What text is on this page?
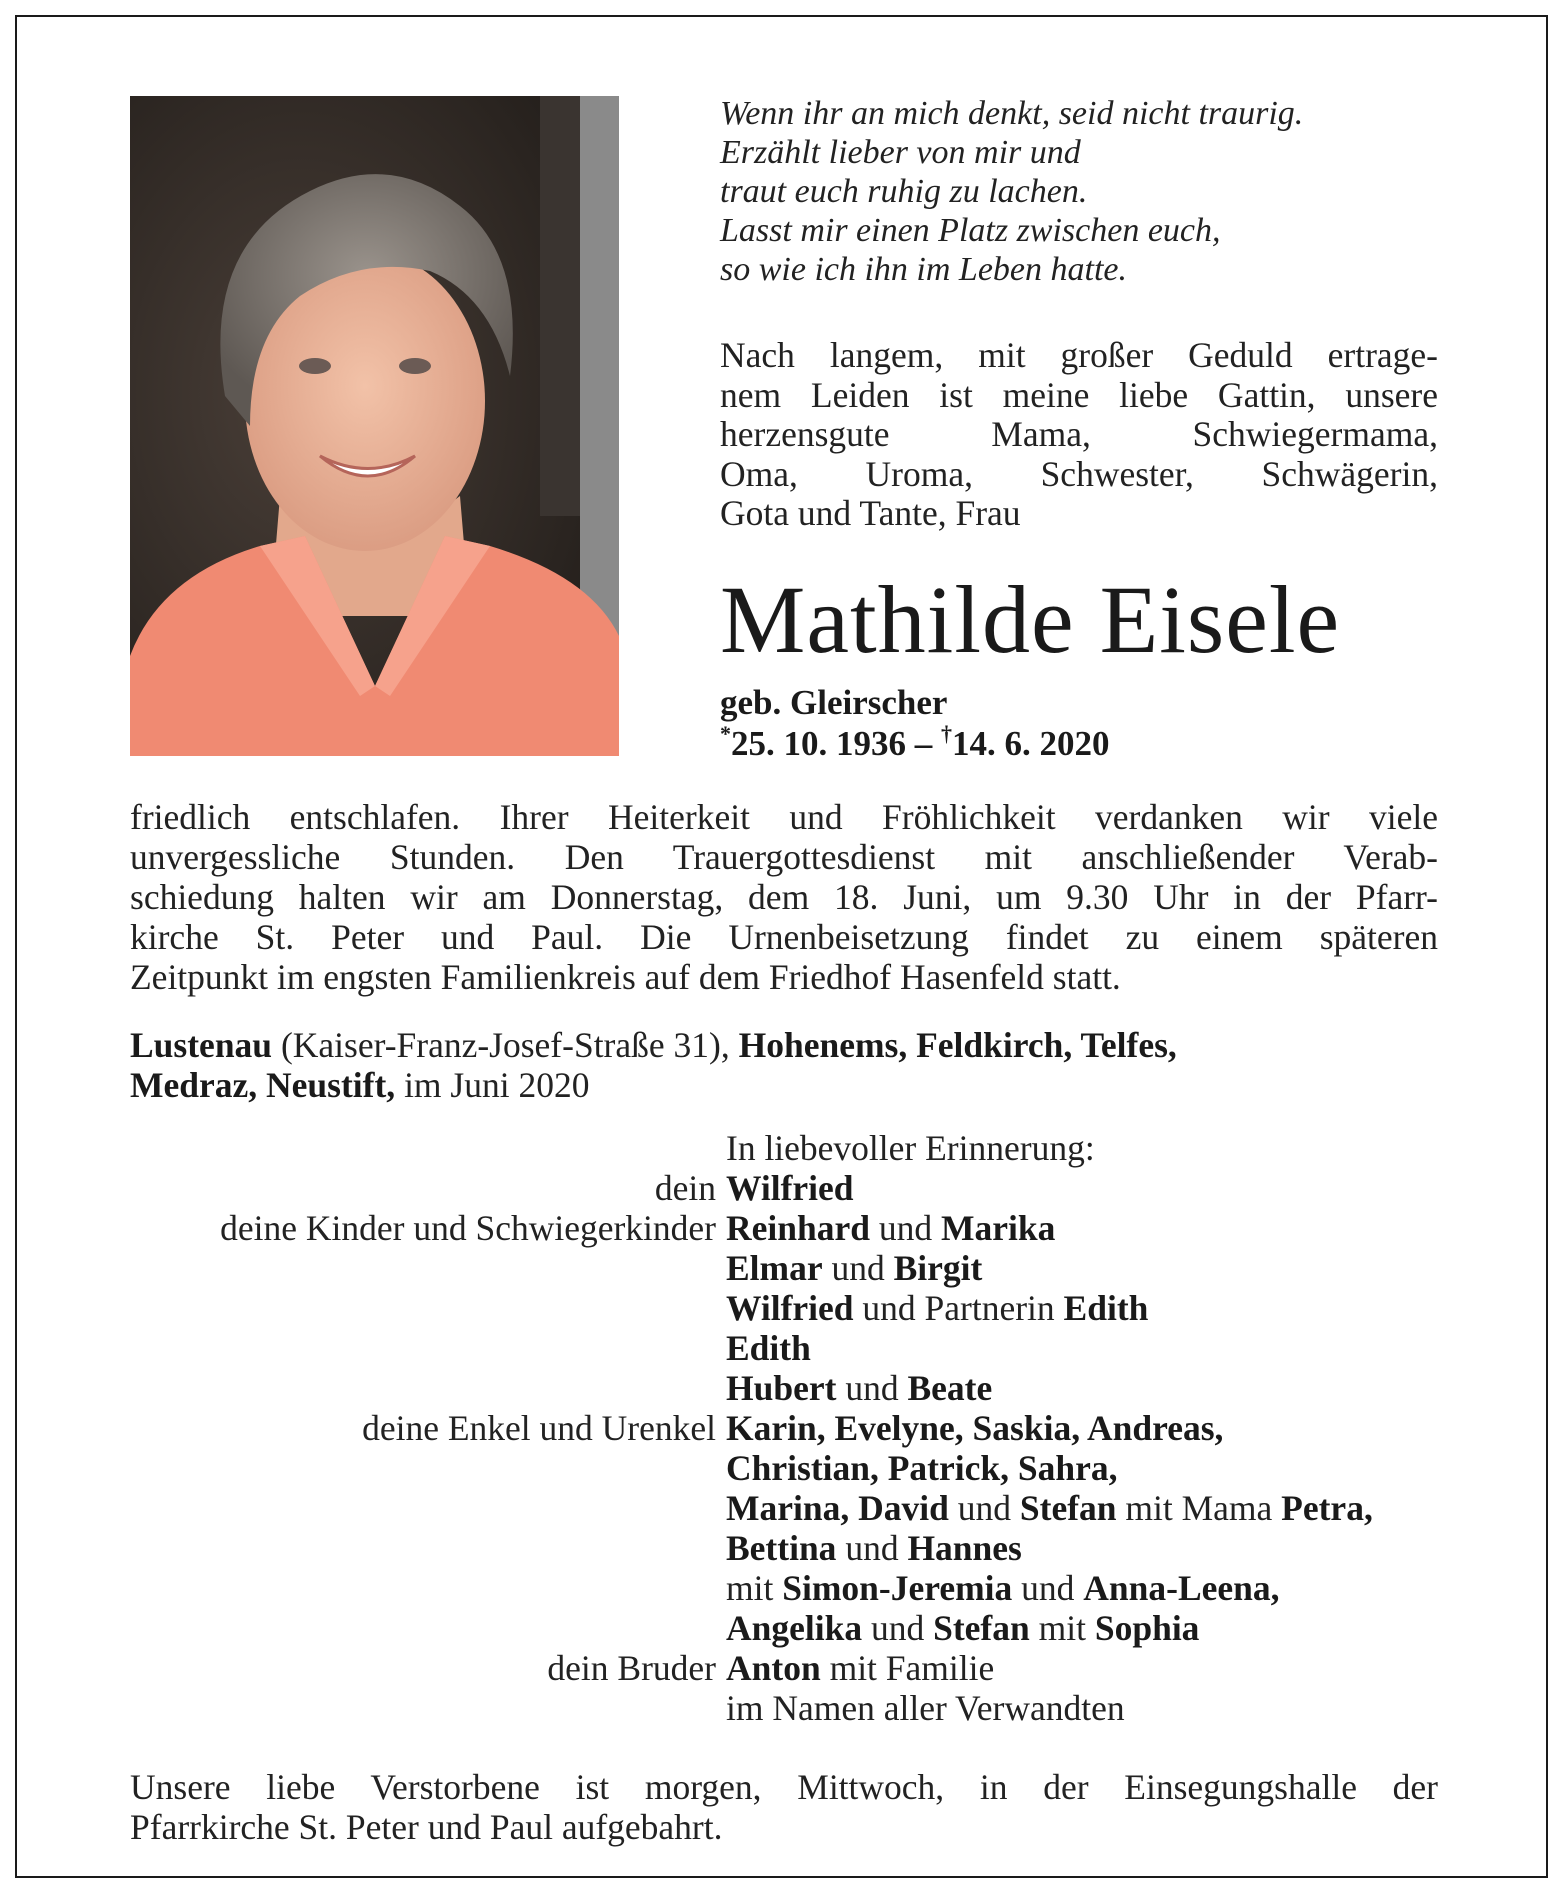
Wenn ihr an mich denkt, seid nicht traurig.
Erzählt lieber von mir und
traut euch ruhig zu lachen.
Lasst mir einen Platz zwischen euch,
so wie ich ihn im Leben hatte.
Nach langem, mit großer Geduld ertrage-
nem Leiden ist meine liebe Gattin, unsere
herzensgute Mama, Schwiegermama,
Oma, Uroma, Schwester, Schwägerin,
Gota und Tante, Frau
Mathilde Eisele
geb. Gleirscher
*25. 10. 1936 – †14. 6. 2020
friedlich entschlafen. Ihrer Heiterkeit und Fröhlichkeit verdanken wir viele
unvergessliche Stunden. Den Trauergottesdienst mit anschließender Verab-
schiedung halten wir am Donnerstag, dem 18. Juni, um 9.30 Uhr in der Pfarr-
kirche St. Peter und Paul. Die Urnenbeisetzung findet zu einem späteren
Zeitpunkt im engsten Familienkreis auf dem Friedhof Hasenfeld statt.
Lustenau (Kaiser-Franz-Josef-Straße 31), Hohenems, Feldkirch, Telfes,
Medraz, Neustift, im Juni 2020
In liebevoller Erinnerung:
dein Wilfried
deine Kinder und Schwiegerkinder Reinhard und Marika
Elmar und Birgit
Wilfried und Partnerin Edith
Edith
Hubert und Beate
deine Enkel und Urenkel Karin, Evelyne, Saskia, Andreas,
Christian, Patrick, Sahra,
Marina, David und Stefan mit Mama Petra,
Bettina und Hannes
mit Simon-Jeremia und Anna-Leena,
Angelika und Stefan mit Sophia
dein Bruder Anton mit Familie
im Namen aller Verwandten
Unsere liebe Verstorbene ist morgen, Mittwoch, in der Einsegungshalle der
Pfarrkirche St. Peter und Paul aufgebahrt.
